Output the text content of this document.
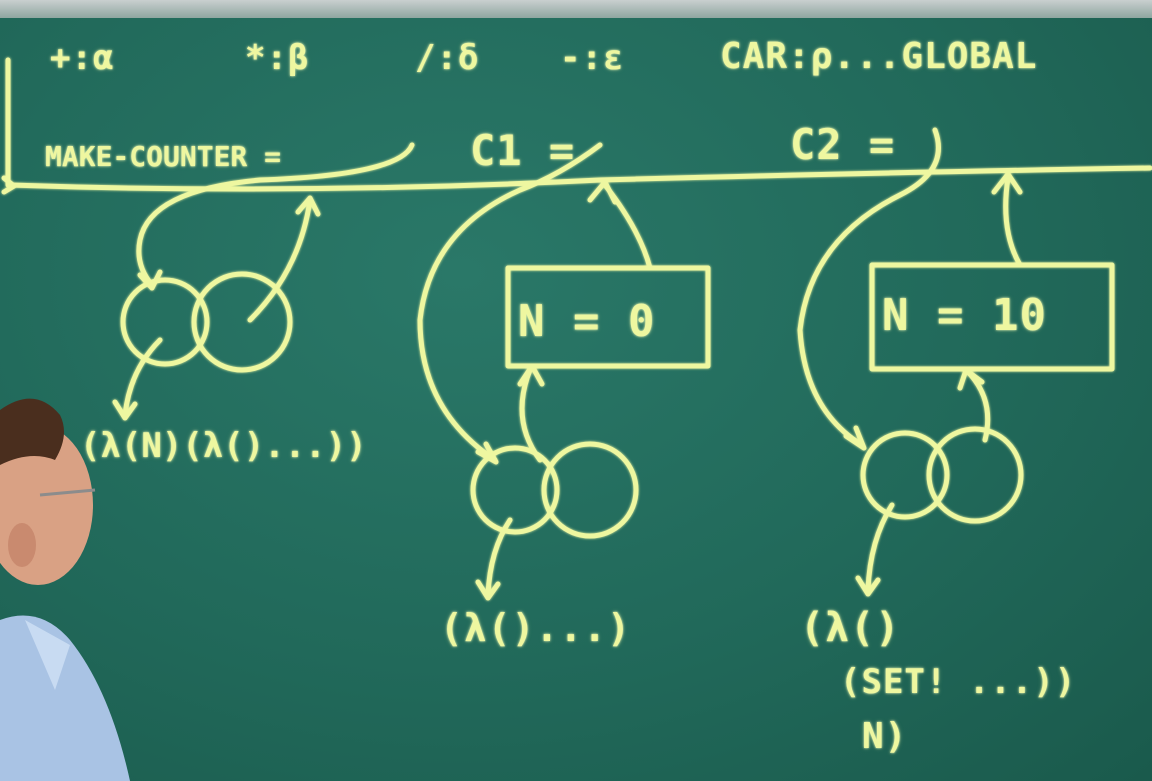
+:α	*:β	/:δ -:ε	CAR:ρ...GLOBAL
MAKE-COUNTER =	C1 =	C2 =
N = 0	N = 10
(λ(N)(λ()...))
(λ()...)	(λ()
(SET! ...))
N)
